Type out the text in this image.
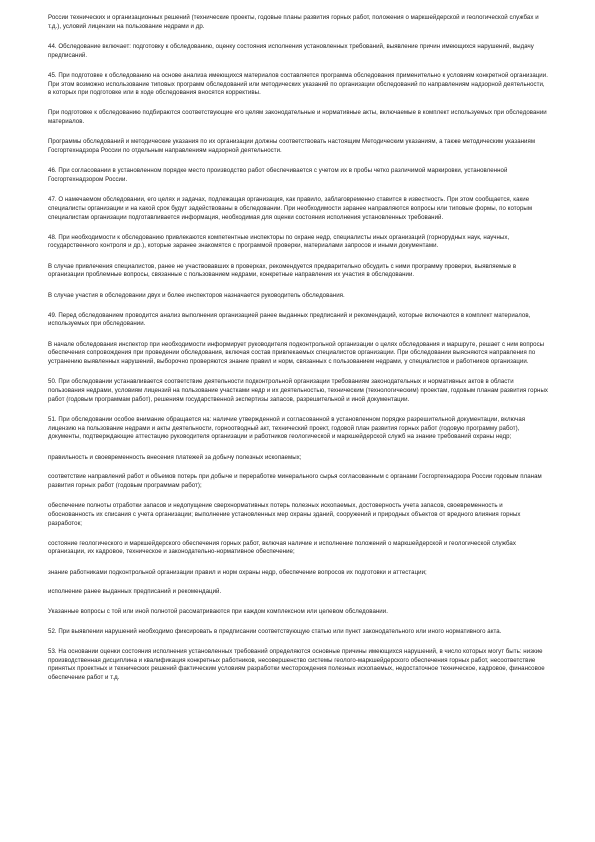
России технических и организационных решений (технические проекты, годовые планы развития горных работ, положения о маркшейдерской и геологической службах и т.д.), условий лицензии на пользование недрами и др.

44. Обследование включает: подготовку к обследованию, оценку состояния исполнения установленных требований, выявление причин имеющихся нарушений, выдачу предписаний.

45. При подготовке к обследованию на основе анализа имеющихся материалов составляется программа обследования применительно к условиям конкретной организации. При этом возможно использование типовых программ обследований или методических указаний по организации обследований по направлениям надзорной деятельности, в которых при подготовке или в ходе обследования вносятся коррективы.

При подготовке к обследованию подбираются соответствующие его целям законодательные и нормативные акты, включаемые в комплект используемых при обследовании материалов.

Программы обследований и методические указания по их организации должны соответствовать настоящим Методическим указаниям, а также методическим указаниям Госгортехнадзора России по отдельным направлениям надзорной деятельности.

46. При согласовании в установленном порядке место производство работ обеспечивается с учетом их в пробы четко различимой маркировки, установленной Госгортехнадзором России.

47. О намечаемом обследовании, его целях и задачах, подлежащая организация, как правило, заблаговременно ставится в известность. При этом сообщается, какие специалисты организации и на какой срок будут задействованы в обследовании. При необходимости заранее направляются вопросы или типовые формы, по которым специалистам организации подготавливается информация, необходимая для оценки состояния исполнения установленных требований.

48. При необходимости к обследованию привлекаются компетентные инспекторы по охране недр, специалисты иных организаций (горнорудных наук, научных, государственного контроля и др.), которые заранее знакомятся с программой проверки, материалами запросов и иными документами.

В случае привлечения специалистов, ранее не участвовавших в проверках, рекомендуется предварительно обсудить с ними программу проверки, выявляемые в организации проблемные вопросы, связанные с пользованием недрами, конкретные направления их участия в обследовании.

В случае участия в обследовании двух и более инспекторов назначается руководитель обследования.

49. Перед обследованием проводится анализ выполнения организацией ранее выданных предписаний и рекомендаций, которые включаются в комплект материалов, используемых при обследовании.

В начале обследования инспектор при необходимости информирует руководителя подконтрольной организации о целях обследования и маршруте, решает с ним вопросы обеспечения сопровождения при проведении обследования, включая состав привлекаемых специалистов организации. При обследовании выясняются направления по устранению выявленных нарушений, выборочно проверяются знание правил и норм, связанных с пользованием недрами, у специалистов и работников организации.

50. При обследовании устанавливается соответствие деятельности подконтрольной организации требованиям законодательных и нормативных актов в области пользования недрами, условиям лицензий на пользование участками недр и их деятельностью, техническим (технологическим) проектам, годовым планам развития горных работ (годовым программам работ), решениям государственной экспертизы запасов, разрешительной и иной документации.

51. При обследовании особое внимание обращается на: наличие утвержденной и согласованной в установленном порядке разрешительной документации, включая лицензию на пользование недрами и акты деятельности, горноотводный акт, технический проект, годовой план развития горных работ (годовую программу работ), документы, подтверждающие аттестацию руководителя организации и работников геологической и маркшейдерской служб на знание требований охраны недр;

правильность и своевременность внесения платежей за добычу полезных ископаемых;

соответствие направлений работ и объемов потерь при добыче и переработке минерального сырья согласованным с органами Госгортехнадзора России годовым планам развития горных работ (годовым программам работ);

обеспечение полноты отработки запасов и недопущение сверхнормативных потерь полезных ископаемых, достоверность учета запасов, своевременность и обоснованность их списания с учета организации; выполнение установленных мер охраны зданий, сооружений и природных объектов от вредного влияния горных разработок;

состояние геологического и маркшейдерского обеспечения горных работ, включая наличие и исполнение положений о маркшейдерской и геологической службах организации, их кадровое, техническое и законодательно-нормативное обеспечение;

знание работниками подконтрольной организации правил и норм охраны недр, обеспечение вопросов их подготовки и аттестации;

исполнение ранее выданных предписаний и рекомендаций.

Указанные вопросы с той или иной полнотой рассматриваются при каждом комплексном или целевом обследовании.

52. При выявлении нарушений необходимо фиксировать в предписании соответствующую статью или пункт законодательного или иного нормативного акта.

53. На основании оценки состояния исполнения установленных требований определяются основные причины имеющихся нарушений, в число которых могут быть: низкие производственная дисциплина и квалификация конкретных работников, несовершенство системы геолого-маркшейдерского обеспечения горных работ, несоответствие принятых проектных и технических решений фактическим условиям разработки месторождения полезных ископаемых, недостаточное техническое, кадровое, финансовое обеспечение работ и т.д.
